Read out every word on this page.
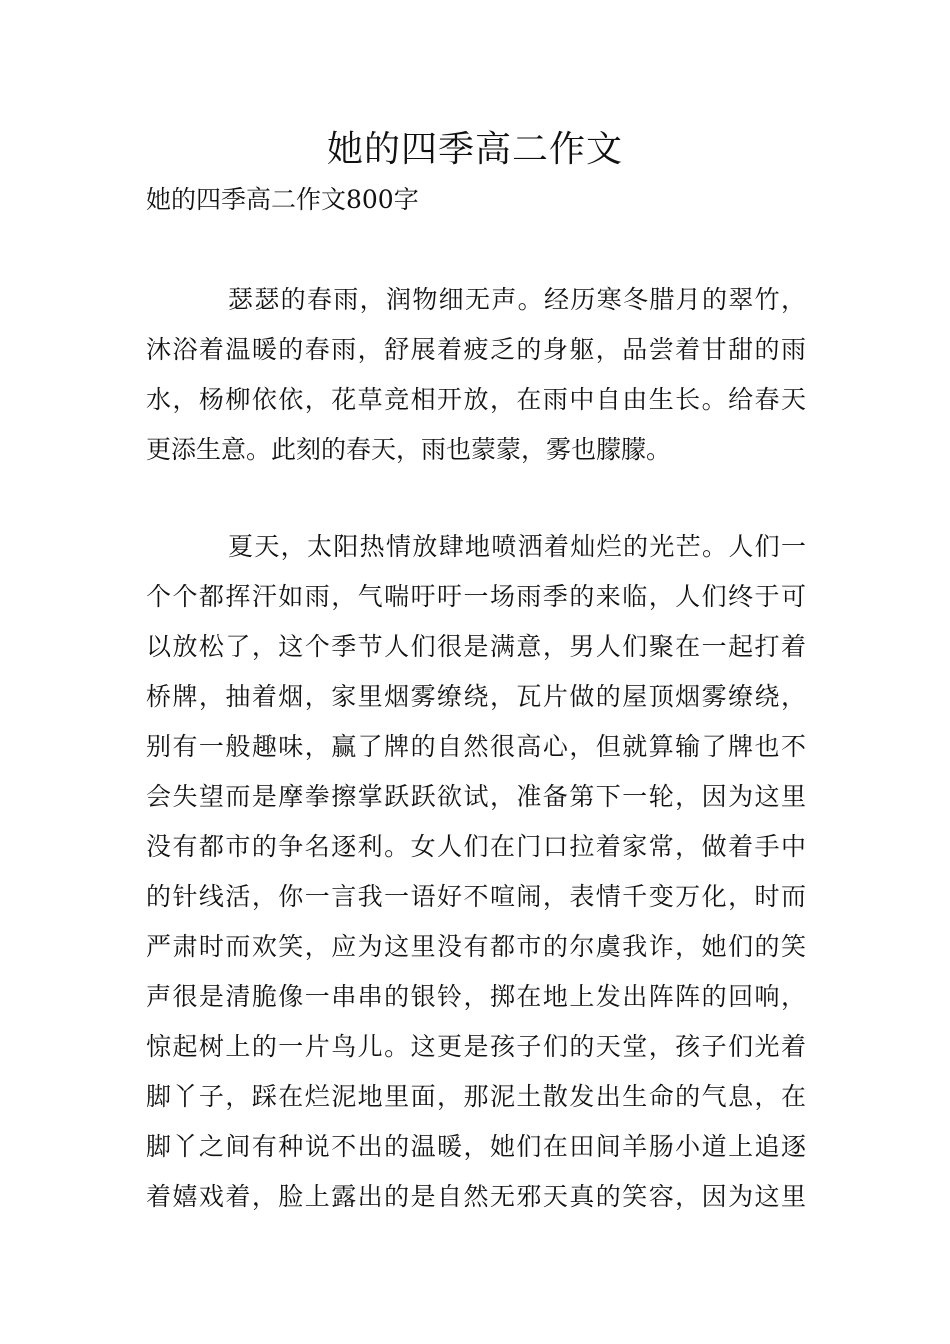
她的四季高二作文
她的四季高二作文800字
瑟瑟的春雨，润物细无声。经历寒冬腊月的翠竹，
沐浴着温暖的春雨，舒展着疲乏的身躯，品尝着甘甜的雨
水，杨柳依依，花草竞相开放，在雨中自由生长。给春天
更添生意。此刻的春天，雨也蒙蒙，雾也朦朦。
夏天，太阳热情放肆地喷洒着灿烂的光芒。人们一
个个都挥汗如雨，气喘吁吁一场雨季的来临，人们终于可
以放松了，这个季节人们很是满意，男人们聚在一起打着
桥牌，抽着烟，家里烟雾缭绕，瓦片做的屋顶烟雾缭绕，
别有一般趣味，赢了牌的自然很高心，但就算输了牌也不
会失望而是摩拳擦掌跃跃欲试，准备第下一轮，因为这里
没有都市的争名逐利。女人们在门口拉着家常，做着手中
的针线活，你一言我一语好不喧闹，表情千变万化，时而
严肃时而欢笑，应为这里没有都市的尔虞我诈，她们的笑
声很是清脆像一串串的银铃，掷在地上发出阵阵的回响，
惊起树上的一片鸟儿。这更是孩子们的天堂，孩子们光着
脚丫子，踩在烂泥地里面，那泥土散发出生命的气息，在
脚丫之间有种说不出的温暖，她们在田间羊肠小道上追逐
着嬉戏着，脸上露出的是自然无邪天真的笑容，因为这里
